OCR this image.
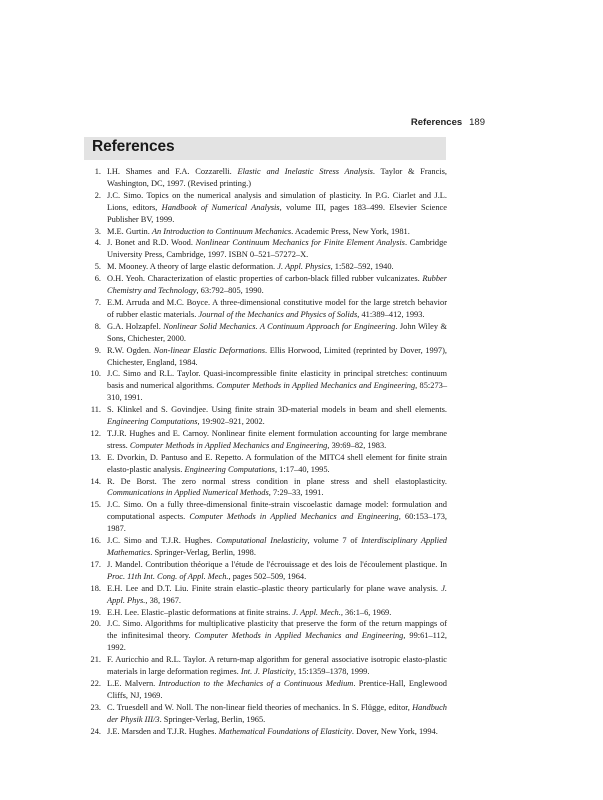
References 189
References
1. I.H. Shames and F.A. Cozzarelli. Elastic and Inelastic Stress Analysis. Taylor & Francis, Washington, DC, 1997. (Revised printing.)
2. J.C. Simo. Topics on the numerical analysis and simulation of plasticity. In P.G. Ciarlet and J.L. Lions, editors, Handbook of Numerical Analysis, volume III, pages 183–499. Elsevier Science Publisher BV, 1999.
3. M.E. Gurtin. An Introduction to Continuum Mechanics. Academic Press, New York, 1981.
4. J. Bonet and R.D. Wood. Nonlinear Continuum Mechanics for Finite Element Analysis. Cambridge University Press, Cambridge, 1997. ISBN 0–521–57272–X.
5. M. Mooney. A theory of large elastic deformation. J. Appl. Physics, 1:582–592, 1940.
6. O.H. Yeoh. Characterization of elastic properties of carbon-black filled rubber vulcanizates. Rubber Chemistry and Technology, 63:792–805, 1990.
7. E.M. Arruda and M.C. Boyce. A three-dimensional constitutive model for the large stretch behavior of rubber elastic materials. Journal of the Mechanics and Physics of Solids, 41:389–412, 1993.
8. G.A. Holzapfel. Nonlinear Solid Mechanics. A Continuum Approach for Engineering. John Wiley & Sons, Chichester, 2000.
9. R.W. Ogden. Non-linear Elastic Deformations. Ellis Horwood, Limited (reprinted by Dover, 1997), Chichester, England, 1984.
10. J.C. Simo and R.L. Taylor. Quasi-incompressible finite elasticity in principal stretches: continuum basis and numerical algorithms. Computer Methods in Applied Mechanics and Engineering, 85:273–310, 1991.
11. S. Klinkel and S. Govindjee. Using finite strain 3D-material models in beam and shell elements. Engineering Computations, 19:902–921, 2002.
12. T.J.R. Hughes and E. Carnoy. Nonlinear finite element formulation accounting for large membrane stress. Computer Methods in Applied Mechanics and Engineering, 39:69–82, 1983.
13. E. Dvorkin, D. Pantuso and E. Repetto. A formulation of the MITC4 shell element for finite strain elasto-plastic analysis. Engineering Computations, 1:17–40, 1995.
14. R. De Borst. The zero normal stress condition in plane stress and shell elastoplasticity. Communications in Applied Numerical Methods, 7:29–33, 1991.
15. J.C. Simo. On a fully three-dimensional finite-strain viscoelastic damage model: formulation and computational aspects. Computer Methods in Applied Mechanics and Engineering, 60:153–173, 1987.
16. J.C. Simo and T.J.R. Hughes. Computational Inelasticity, volume 7 of Interdisciplinary Applied Mathematics. Springer-Verlag, Berlin, 1998.
17. J. Mandel. Contribution théorique a l'étude de l'écrouissage et des lois de l'écoulement plastique. In Proc. 11th Int. Cong. of Appl. Mech., pages 502–509, 1964.
18. E.H. Lee and D.T. Liu. Finite strain elastic–plastic theory particularly for plane wave analysis. J. Appl. Phys., 38, 1967.
19. E.H. Lee. Elastic–plastic deformations at finite strains. J. Appl. Mech., 36:1–6, 1969.
20. J.C. Simo. Algorithms for multiplicative plasticity that preserve the form of the return mappings of the infinitesimal theory. Computer Methods in Applied Mechanics and Engineering, 99:61–112, 1992.
21. F. Auricchio and R.L. Taylor. A return-map algorithm for general associative isotropic elasto-plastic materials in large deformation regimes. Int. J. Plasticity, 15:1359–1378, 1999.
22. L.E. Malvern. Introduction to the Mechanics of a Continuous Medium. Prentice-Hall, Englewood Cliffs, NJ, 1969.
23. C. Truesdell and W. Noll. The non-linear field theories of mechanics. In S. Flügge, editor, Handbuch der Physik III/3. Springer-Verlag, Berlin, 1965.
24. J.E. Marsden and T.J.R. Hughes. Mathematical Foundations of Elasticity. Dover, New York, 1994.
